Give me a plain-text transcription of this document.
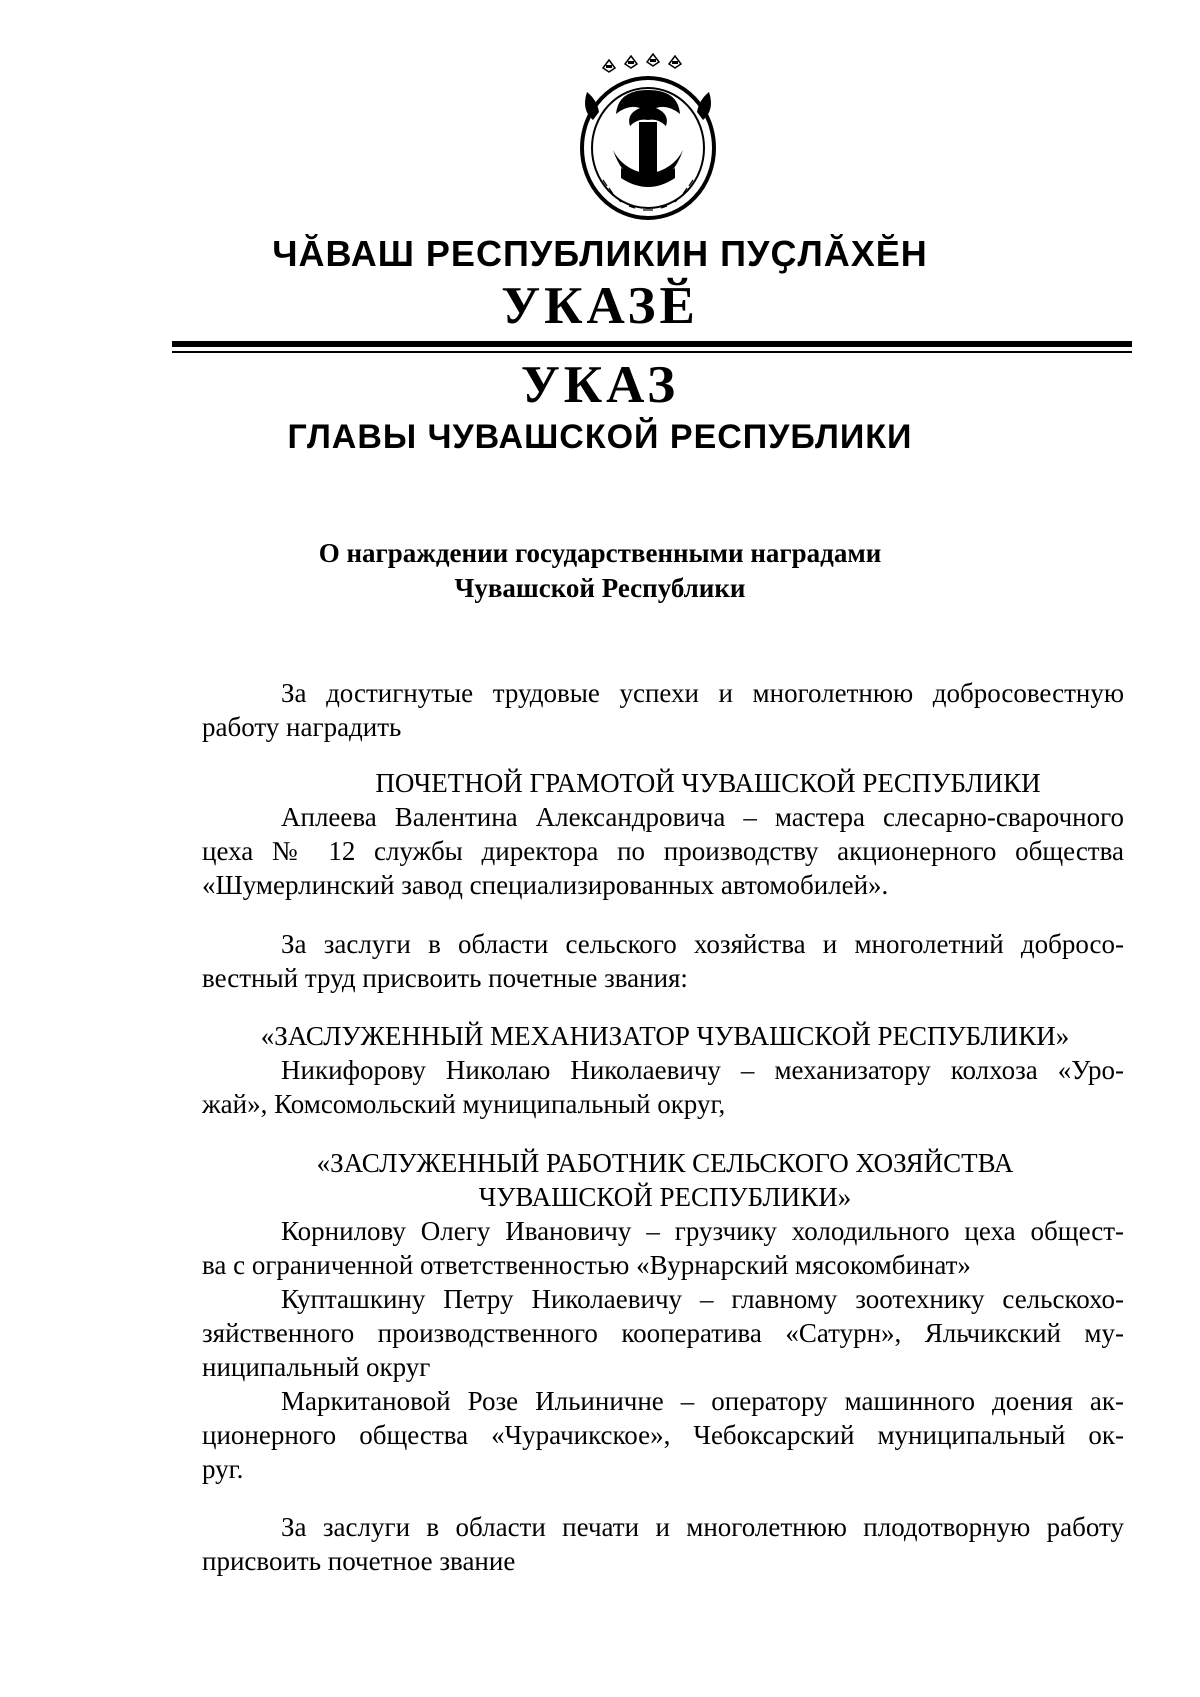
ЧӐВАШ РЕСПУБЛИКИН ПУҪЛӐХӖН
УКАЗӖ
УКАЗ
ГЛАВЫ ЧУВАШСКОЙ РЕСПУБЛИКИ
О награждении государственными наградами
Чувашской Республики
За достигнутые трудовые успехи и многолетнюю добросовестную
работу наградить
ПОЧЕТНОЙ ГРАМОТОЙ ЧУВАШСКОЙ РЕСПУБЛИКИ
Аплеева Валентина Александровича – мастера слесарно-сварочного
цеха № 12 службы директора по производству акционерного общества
«Шумерлинский завод специализированных автомобилей».
За заслуги в области сельского хозяйства и многолетний добросо-
вестный труд присвоить почетные звания:
«ЗАСЛУЖЕННЫЙ МЕХАНИЗАТОР ЧУВАШСКОЙ РЕСПУБЛИКИ»
Никифорову Николаю Николаевичу – механизатору колхоза «Уро-
жай», Комсомольский муниципальный округ,
«ЗАСЛУЖЕННЫЙ РАБОТНИК СЕЛЬСКОГО ХОЗЯЙСТВА
ЧУВАШСКОЙ РЕСПУБЛИКИ»
Корнилову Олегу Ивановичу – грузчику холодильного цеха общест-
ва с ограниченной ответственностью «Вурнарский мясокомбинат»
Купташкину Петру Николаевичу – главному зоотехнику сельскохо-
зяйственного производственного кооператива «Сатурн», Яльчикский му-
ниципальный округ
Маркитановой Розе Ильиничне – оператору машинного доения ак-
ционерного общества «Чурачикское», Чебоксарский муниципальный ок-
руг.
За заслуги в области печати и многолетнюю плодотворную работу
присвоить почетное звание
